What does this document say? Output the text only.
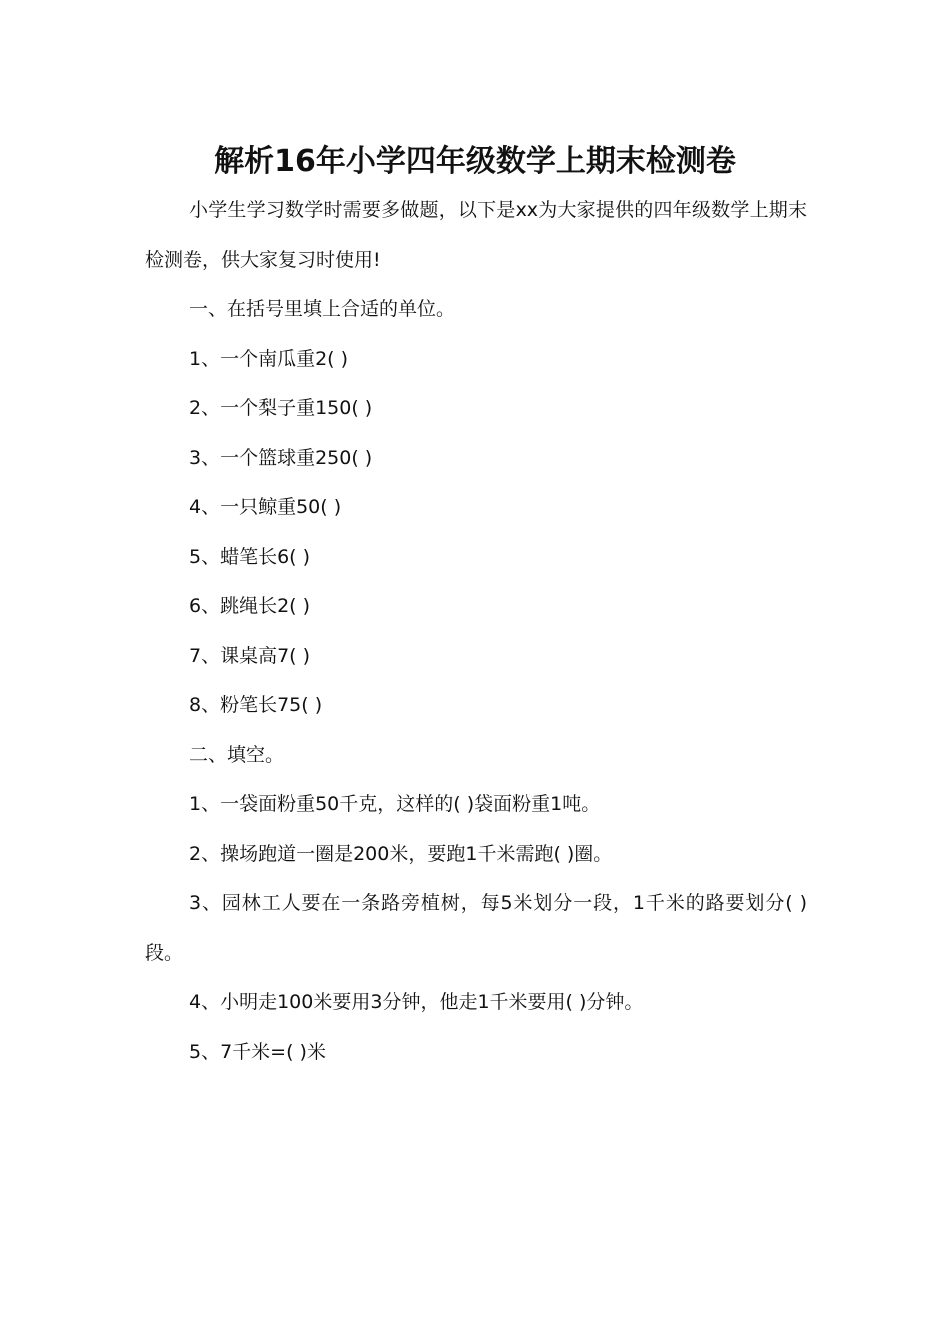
解析16年小学四年级数学上期末检测卷

小学生学习数学时需要多做题，以下是xx为大家提供的四年级数学上期末检测卷，供大家复习时使用!

一、在括号里填上合适的单位。

1、一个南瓜重2( )

2、一个梨子重150( )

3、一个篮球重250( )

4、一只鲸重50( )

5、蜡笔长6( )

6、跳绳长2( )

7、课桌高7( )

8、粉笔长75( )

二、填空。

1、一袋面粉重50千克，这样的( )袋面粉重1吨。

2、操场跑道一圈是200米，要跑1千米需跑( )圈。

3、园林工人要在一条路旁植树，每5米划分一段，1千米的路要划分( )段。

4、小明走100米要用3分钟，他走1千米要用( )分钟。

5、7千米=( )米
